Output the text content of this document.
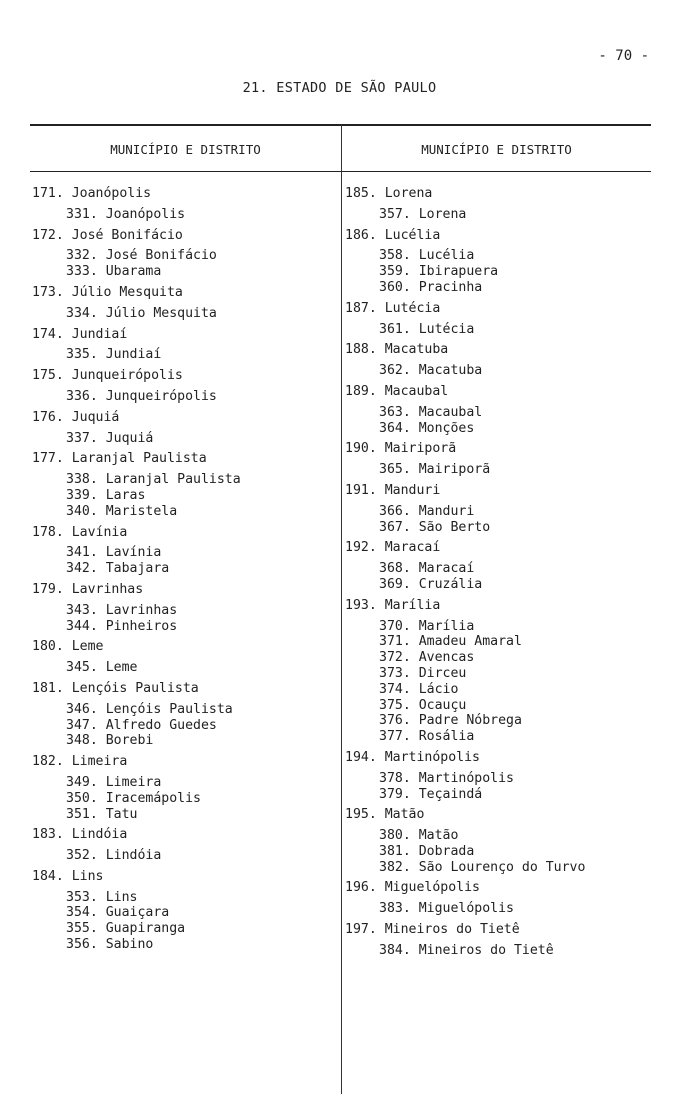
- 70 -
21. ESTADO DE SÃO PAULO
MUNICÍPIO E DISTRITO	MUNICÍPIO E DISTRITO
171. Joanópolis
331. Joanópolis
172. José Bonifácio
332. José Bonifácio
333. Ubarama
173. Júlio Mesquita
334. Júlio Mesquita
174. Jundiaí
335. Jundiaí
175. Junqueirópolis
336. Junqueirópolis
176. Juquiá
337. Juquiá
177. Laranjal Paulista
338. Laranjal Paulista
339. Laras
340. Maristela
178. Lavínia
341. Lavínia
342. Tabajara
179. Lavrinhas
343. Lavrinhas
344. Pinheiros
180. Leme
345. Leme
181. Lençóis Paulista
346. Lençóis Paulista
347. Alfredo Guedes
348. Borebi
182. Limeira
349. Limeira
350. Iracemápolis
351. Tatu
183. Lindóia
352. Lindóia
184. Lins
353. Lins
354. Guaiçara
355. Guapiranga
356. Sabino
185. Lorena
357. Lorena
186. Lucélia
358. Lucélia
359. Ibirapuera
360. Pracinha
187. Lutécia
361. Lutécia
188. Macatuba
362. Macatuba
189. Macaubal
363. Macaubal
364. Monções
190. Mairiporã
365. Mairiporã
191. Manduri
366. Manduri
367. São Berto
192. Maracaí
368. Maracaí
369. Cruzália
193. Marília
370. Marília
371. Amadeu Amaral
372. Avencas
373. Dirceu
374. Lácio
375. Ocauçu
376. Padre Nóbrega
377. Rosália
194. Martinópolis
378. Martinópolis
379. Teçaindá
195. Matão
380. Matão
381. Dobrada
382. São Lourenço do Turvo
196. Miguelópolis
383. Miguelópolis
197. Mineiros do Tietê
384. Mineiros do Tietê
